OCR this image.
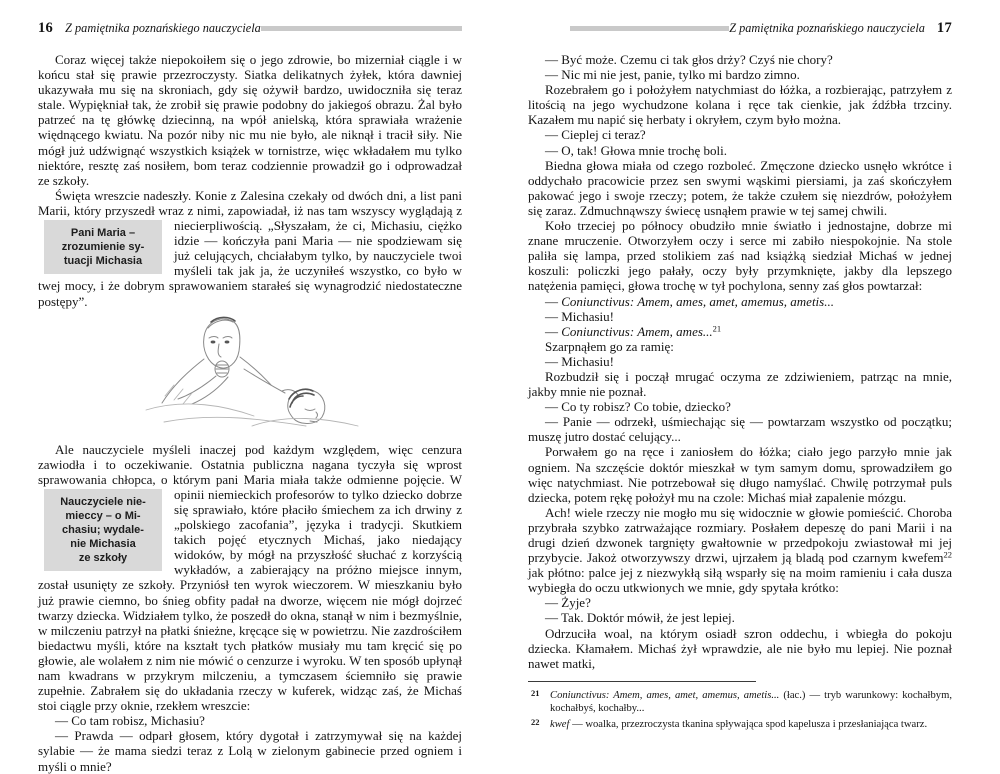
16 Z pamiętnika poznańskiego nauczyciela

Coraz więcej także niepokoiłem się o jego zdrowie, bo mizerniał ciągle i w końcu stał się prawie przezroczysty. Siatka delikatnych żyłek, która dawniej ukazywała mu się na skroniach, gdy się ożywił bardzo, uwidoczniła się teraz stale. Wypiękniał tak, że zrobił się prawie podobny do jakiegoś obrazu. Żal było patrzeć na tę główkę dziecinną, na wpół anielską, która sprawiała wrażenie więdnącego kwiatu. Na pozór niby nic mu nie było, ale niknął i tracił siły. Nie mógł już udźwignąć wszystkich książek w tornistrze, więc wkładałem mu tylko niektóre, resztę zaś nosiłem, bom teraz codziennie prowadził go i odprowadzał ze szkoły.

Święta wreszcie nadeszły. Konie z Zalesina czekały od dwóch dni, a list pani Marii, który przyszedł wraz z nimi, zapowiadał, iż nas tam wszyscy wyglądają z niecierpliwością.
Pani Maria –
zrozumienie sy-
tuacji Michasia
„Słyszałam, że ci, Michasiu, ciężko idzie — kończyła pani Maria — nie spodziewam się już celujących, chciałabym tylko, by nauczyciele twoi myśleli tak jak ja, że uczyniłeś wszystko, co było w twej mocy, i że dobrym sprawowaniem starałeś się wynagrodzić niedostateczne postępy”.

Ale nauczyciele myśleli inaczej pod każdym względem, więc cenzura zawiodła i to oczekiwanie. Ostatnia publiczna nagana tyczyła się wprost sprawowania chłopca, o którym pani Maria miała także odmienne pojęcie. W opinii niemieckich profesorów
Nauczyciele nie-
mieccy – o Mi-
chasiu; wydale-
nie Michasia
ze szkoły
to tylko dziecko dobrze się sprawiało, które płaciło śmiechem za ich drwiny z „polskiego zacofania”, języka i tradycji. Skutkiem takich pojęć etycznych Michaś, jako niedający widoków, by mógł na przyszłość słuchać z korzyścią wykładów, a zabierający na próżno miejsce innym, został usunięty ze szkoły. Przyniósł ten wyrok wieczorem. W mieszkaniu było już prawie ciemno, bo śnieg obfity padał na dworze, więcem nie mógł dojrzeć twarzy dziecka. Widziałem tylko, że poszedł do okna, stanął w nim i bezmyślnie, w milczeniu patrzył na płatki śnieżne, kręcące się w powietrzu. Nie zazdrościłem biedactwu myśli, które na kształt tych płatków musiały mu tam kręcić się po głowie, ale wolałem z nim nie mówić o cenzurze i wyroku. W ten sposób upłynął nam kwadrans w przykrym milczeniu, a tymczasem ściemniło się prawie zupełnie. Zabrałem się do układania rzeczy w kuferek, widząc zaś, że Michaś stoi ciągle przy oknie, rzekłem wreszcie:

— Co tam robisz, Michasiu?

— Prawda — odparł głosem, który dygotał i zatrzymywał się na każdej sylabie — że mama siedzi teraz z Lolą w zielonym gabinecie przed ogniem i myśli o mnie?

Z pamiętnika poznańskiego nauczyciela 17

— Być może. Czemu ci tak głos drży? Czyś nie chory?

— Nic mi nie jest, panie, tylko mi bardzo zimno.

Rozebrałem go i położyłem natychmiast do łóżka, a rozbierając, patrzyłem z litością na jego wychudzone kolana i ręce tak cienkie, jak źdźbła trzciny. Kazałem mu napić się herbaty i okryłem, czym było można.

— Cieplej ci teraz?

— O, tak! Głowa mnie trochę boli.

Biedna głowa miała od czego rozboleć. Zmęczone dziecko usnęło wkrótce i oddychało pracowicie przez sen swymi wąskimi piersiami, ja zaś skończyłem pakować jego i swoje rzeczy; potem, że także czułem się niezdrów, położyłem się zaraz. Zdmuchnąwszy świecę usnąłem prawie w tej samej chwili.

Koło trzeciej po północy obudziło mnie światło i jednostajne, dobrze mi znane mruczenie. Otworzyłem oczy i serce mi zabiło niespokojnie. Na stole paliła się lampa, przed stolikiem zaś nad książką siedział Michaś w jednej koszuli: policzki jego pałały, oczy były przymknięte, jakby dla lepszego natężenia pamięci, głowa trochę w tył pochylona, senny zaś głos powtarzał:

— Coniunctivus: Amem, ames, amet, amemus, ametis...

— Michasiu!

— Coniunctivus: Amem, ames...$^{21}$

Szarpnąłem go za ramię:

— Michasiu!

Rozbudził się i począł mrugać oczyma ze zdziwieniem, patrząc na mnie, jakby mnie nie poznał.

— Co ty robisz? Co tobie, dziecko?

— Panie — odrzekł, uśmiechając się — powtarzam wszystko od początku; muszę jutro dostać celujący...

Porwałem go na ręce i zaniosłem do łóżka; ciało jego parzyło mnie jak ogniem. Na szczęście doktór mieszkał w tym samym domu, sprowadziłem go więc natychmiast. Nie potrzebował się długo namyślać. Chwilę potrzymał puls dziecka, potem rękę położył mu na czole: Michaś miał zapalenie mózgu.

Ach! wiele rzeczy nie mogło mu się widocznie w głowie pomieścić. Choroba przybrała szybko zatrważające rozmiary. Posłałem depeszę do pani Marii i na drugi dzień dzwonek targnięty gwałtownie w przedpokoju zwiastował mi jej przybycie. Jakoż otworzywszy drzwi, ujrzałem ją bladą pod czarnym kwefem$^{22}$ jak płótno: palce jej z niezwykłą siłą wsparły się na moim ramieniu i cała dusza wybiegła do oczu utkwionych we mnie, gdy spytała krótko:

— Żyje?

— Tak. Doktór mówił, że jest lepiej.

Odrzuciła woal, na którym osiadł szron oddechu, i wbiegła do pokoju dziecka. Kłamałem. Michaś żył wprawdzie, ale nie było mu lepiej. Nie poznał nawet matki,

21 Coniunctivus: Amem, ames, amet, amemus, ametis... (łac.) — tryb warunkowy: kochałbym, kochałbyś, kochałby...

22 kwef — woalka, przezroczysta tkanina spływająca spod kapelusza i przesłaniająca twarz.
